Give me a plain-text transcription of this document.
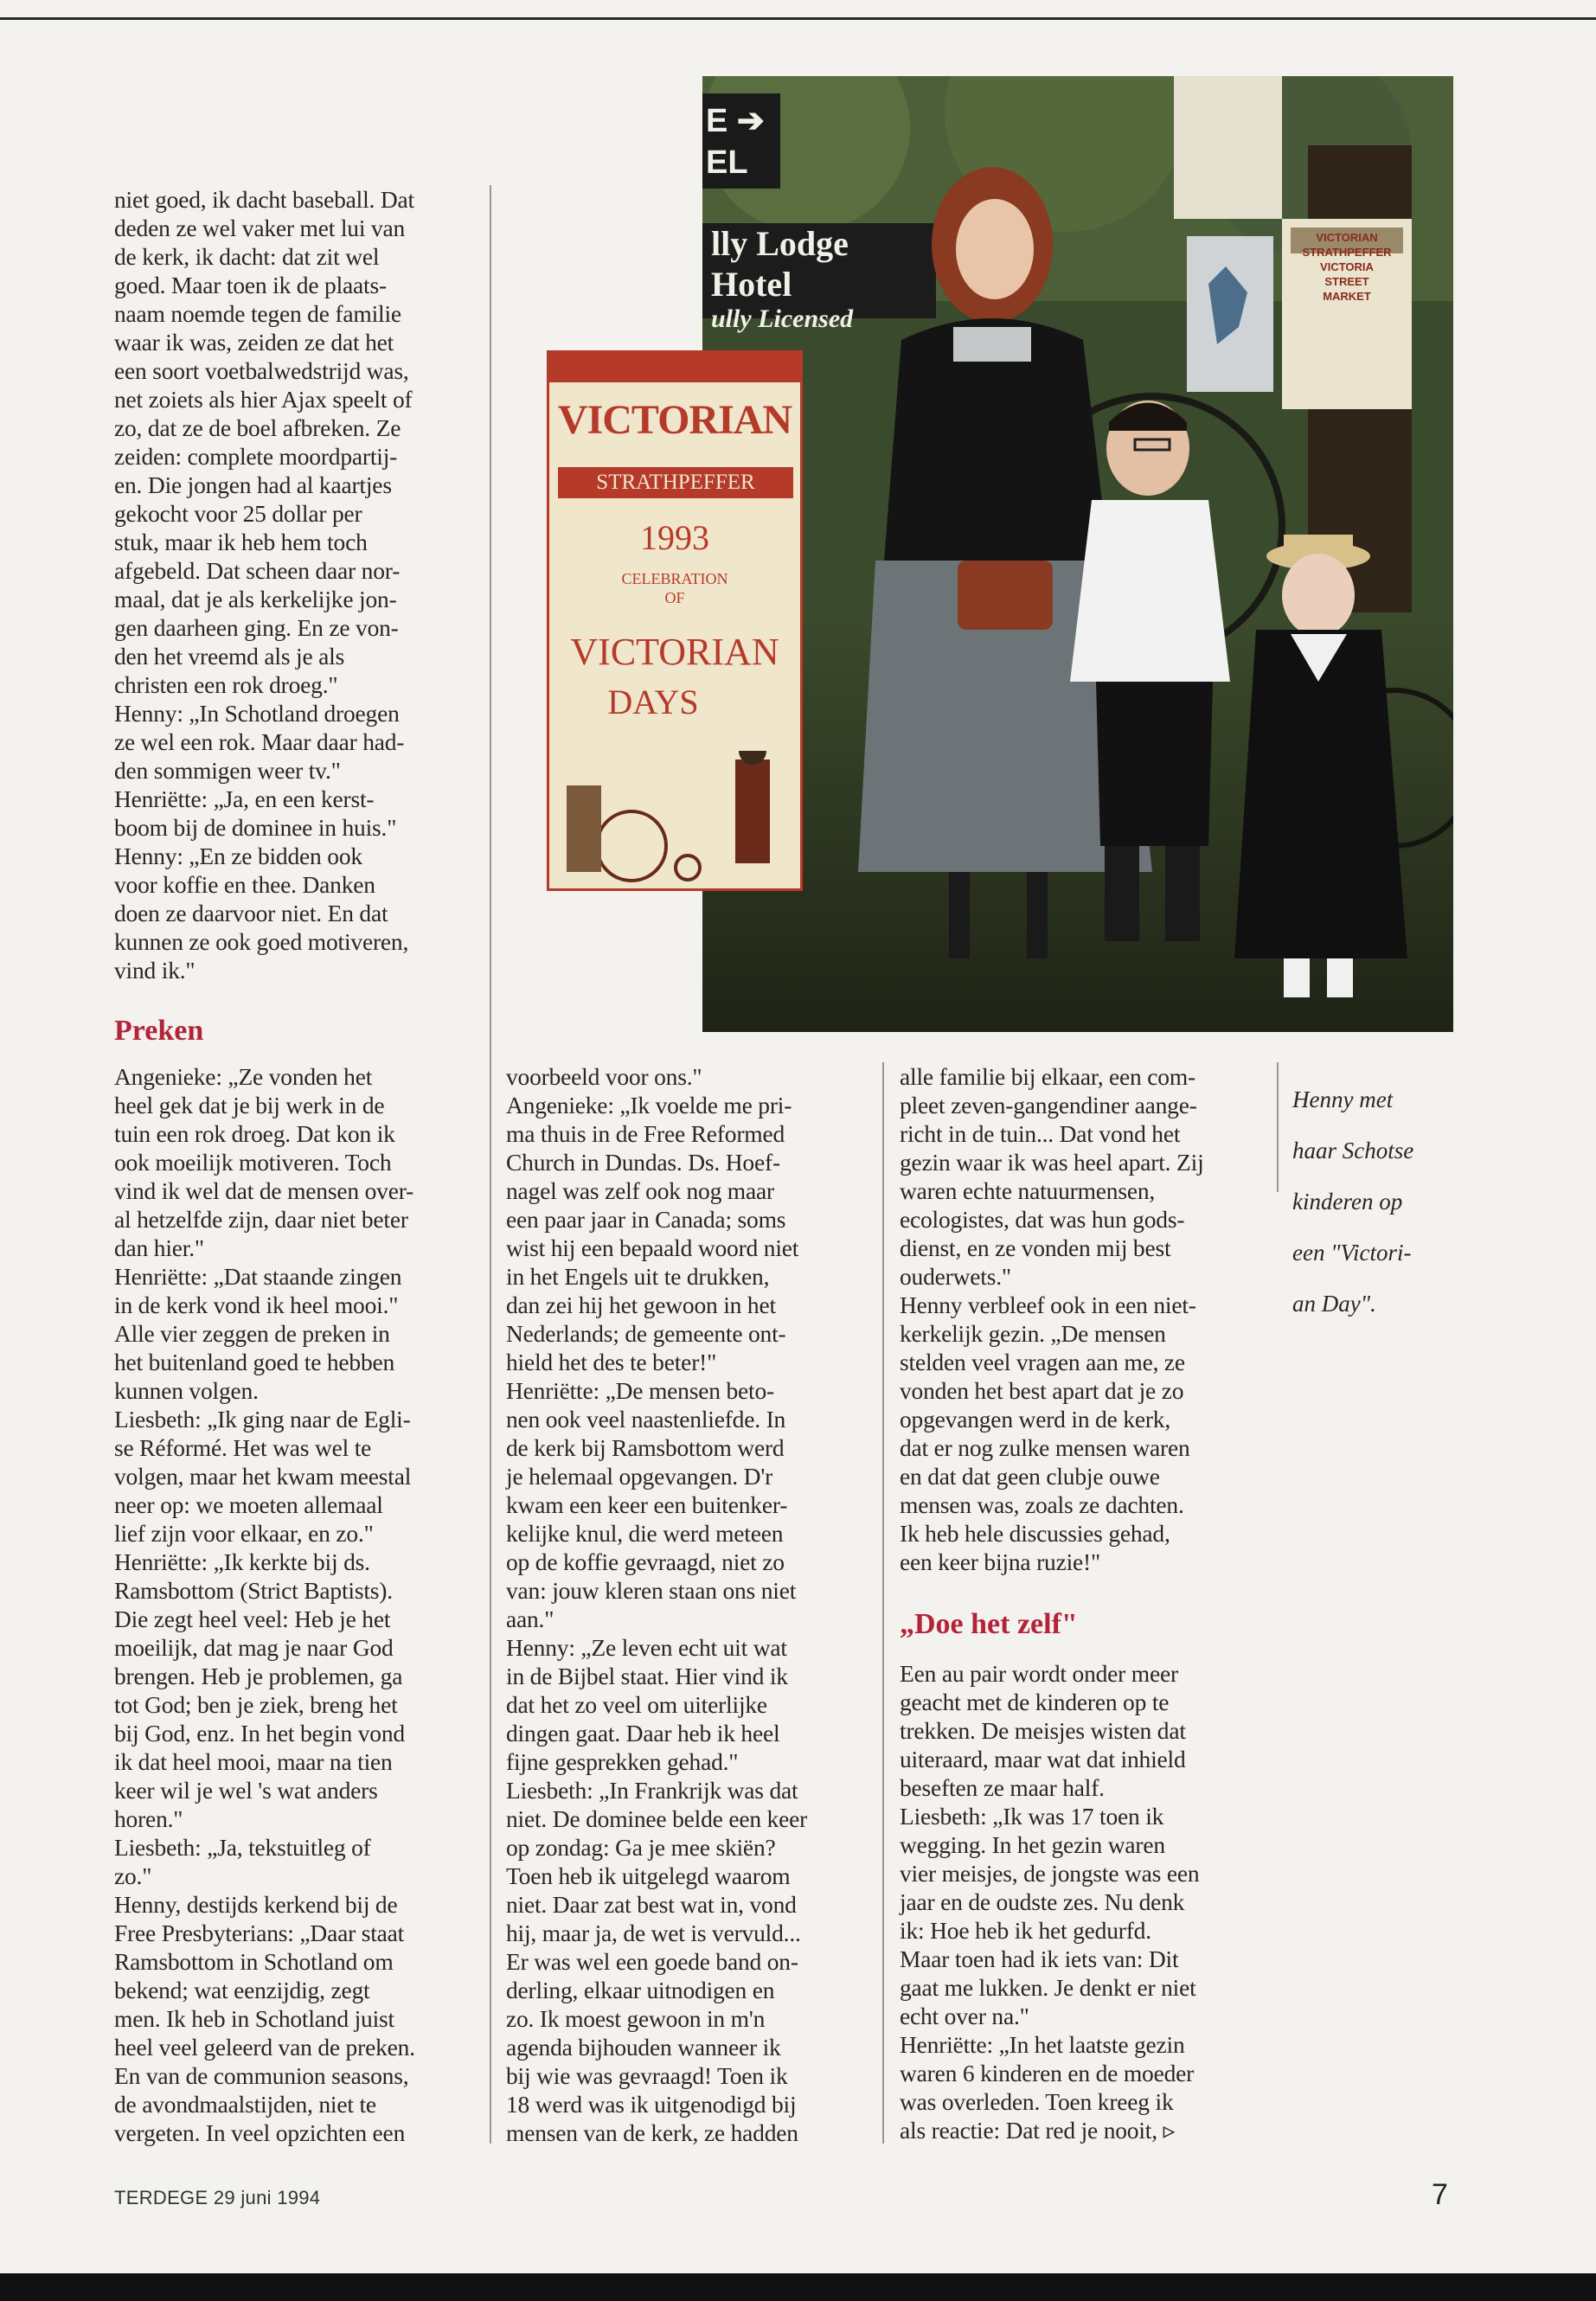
niet goed, ik dacht baseball. Dat

deden ze wel vaker met lui van

de kerk, ik dacht: dat zit wel

goed. Maar toen ik de plaats-

naam noemde tegen de familie

waar ik was, zeiden ze dat het

een soort voetbalwedstrijd was,

net zoiets als hier Ajax speelt of

zo, dat ze de boel afbreken. Ze

zeiden: complete moordpartij-

en. Die jongen had al kaartjes

gekocht voor 25 dollar per

stuk, maar ik heb hem toch

afgebeld. Dat scheen daar nor-

maal, dat je als kerkelijke jon-

gen daarheen ging. En ze von-

den het vreemd als je als

christen een rok droeg."

Henny: „In Schotland droegen

ze wel een rok. Maar daar had-

den sommigen weer tv."

Henriëtte: „Ja, en een kerst-

boom bij de dominee in huis."

Henny: „En ze bidden ook

voor koffie en thee. Danken

doen ze daarvoor niet. En dat

kunnen ze ook goed motiveren,

vind ik."

Preken

Angenieke: „Ze vonden het

heel gek dat je bij werk in de

tuin een rok droeg. Dat kon ik

ook moeilijk motiveren. Toch

vind ik wel dat de mensen over-

al hetzelfde zijn, daar niet beter

dan hier."

Henriëtte: „Dat staande zingen

in de kerk vond ik heel mooi."

Alle vier zeggen de preken in

het buitenland goed te hebben

kunnen volgen.

Liesbeth: „Ik ging naar de Egli-

se Réformé. Het was wel te

volgen, maar het kwam meestal

neer op: we moeten allemaal

lief zijn voor elkaar, en zo."

Henriëtte: „Ik kerkte bij ds.

Ramsbottom (Strict Baptists).

Die zegt heel veel: Heb je het

moeilijk, dat mag je naar God

brengen. Heb je problemen, ga

tot God; ben je ziek, breng het

bij God, enz. In het begin vond

ik dat heel mooi, maar na tien

keer wil je wel 's wat anders

horen."

Liesbeth: „Ja, tekstuitleg of

zo."

Henny, destijds kerkend bij de

Free Presbyterians: „Daar staat

Ramsbottom in Schotland om

bekend; wat eenzijdig, zegt

men. Ik heb in Schotland juist

heel veel geleerd van de preken.

En van de communion seasons,

de avondmaalstijden, niet te

vergeten. In veel opzichten een

voorbeeld voor ons."

Angenieke: „Ik voelde me pri-

ma thuis in de Free Reformed

Church in Dundas. Ds. Hoef-

nagel was zelf ook nog maar

een paar jaar in Canada; soms

wist hij een bepaald woord niet

in het Engels uit te drukken,

dan zei hij het gewoon in het

Nederlands; de gemeente ont-

hield het des te beter!"

Henriëtte: „De mensen beto-

nen ook veel naastenliefde. In

de kerk bij Ramsbottom werd

je helemaal opgevangen. D'r

kwam een keer een buitenker-

kelijke knul, die werd meteen

op de koffie gevraagd, niet zo

van: jouw kleren staan ons niet

aan."

Henny: „Ze leven echt uit wat

in de Bijbel staat. Hier vind ik

dat het zo veel om uiterlijke

dingen gaat. Daar heb ik heel

fijne gesprekken gehad."

Liesbeth: „In Frankrijk was dat

niet. De dominee belde een keer

op zondag: Ga je mee skiën?

Toen heb ik uitgelegd waarom

niet. Daar zat best wat in, vond

hij, maar ja, de wet is vervuld...

Er was wel een goede band on-

derling, elkaar uitnodigen en

zo. Ik moest gewoon in m'n

agenda bijhouden wanneer ik

bij wie was gevraagd! Toen ik

18 werd was ik uitgenodigd bij

mensen van de kerk, ze hadden

alle familie bij elkaar, een com-

pleet zeven-gangendiner aange-

richt in de tuin... Dat vond het

gezin waar ik was heel apart. Zij

waren echte natuurmensen,

ecologistes, dat was hun gods-

dienst, en ze vonden mij best

ouderwets."

Henny verbleef ook in een niet-

kerkelijk gezin. „De mensen

stelden veel vragen aan me, ze

vonden het best apart dat je zo

opgevangen werd in de kerk,

dat er nog zulke mensen waren

en dat dat geen clubje ouwe

mensen was, zoals ze dachten.

Ik heb hele discussies gehad,

een keer bijna ruzie!"

„Doe het zelf"

Een au pair wordt onder meer

geacht met de kinderen op te

trekken. De meisjes wisten dat

uiteraard, maar wat dat inhield

beseften ze maar half.

Liesbeth: „Ik was 17 toen ik

wegging. In het gezin waren

vier meisjes, de jongste was een

jaar en de oudste zes. Nu denk

ik: Hoe heb ik het gedurfd.

Maar toen had ik iets van: Dit

gaat me lukken. Je denkt er niet

echt over na."

Henriëtte: „In het laatste gezin

waren 6 kinderen en de moeder

was overleden. Toen kreeg ik

als reactie: Dat red je nooit, ▹

Henny met

haar Schotse

kinderen op

een "Victori-

an Day".

lly Lodge Hotel
ully Licensed
E ➔
EL
VICTORIAN
STRATHPEFFER
VICTORIA
STREET
MARKET
VICTORIAN
STRATHPEFFER
1993
CELEBRATION
OF
VICTORIAN
DAYS
TERDEGE 29 juni 1994	7
